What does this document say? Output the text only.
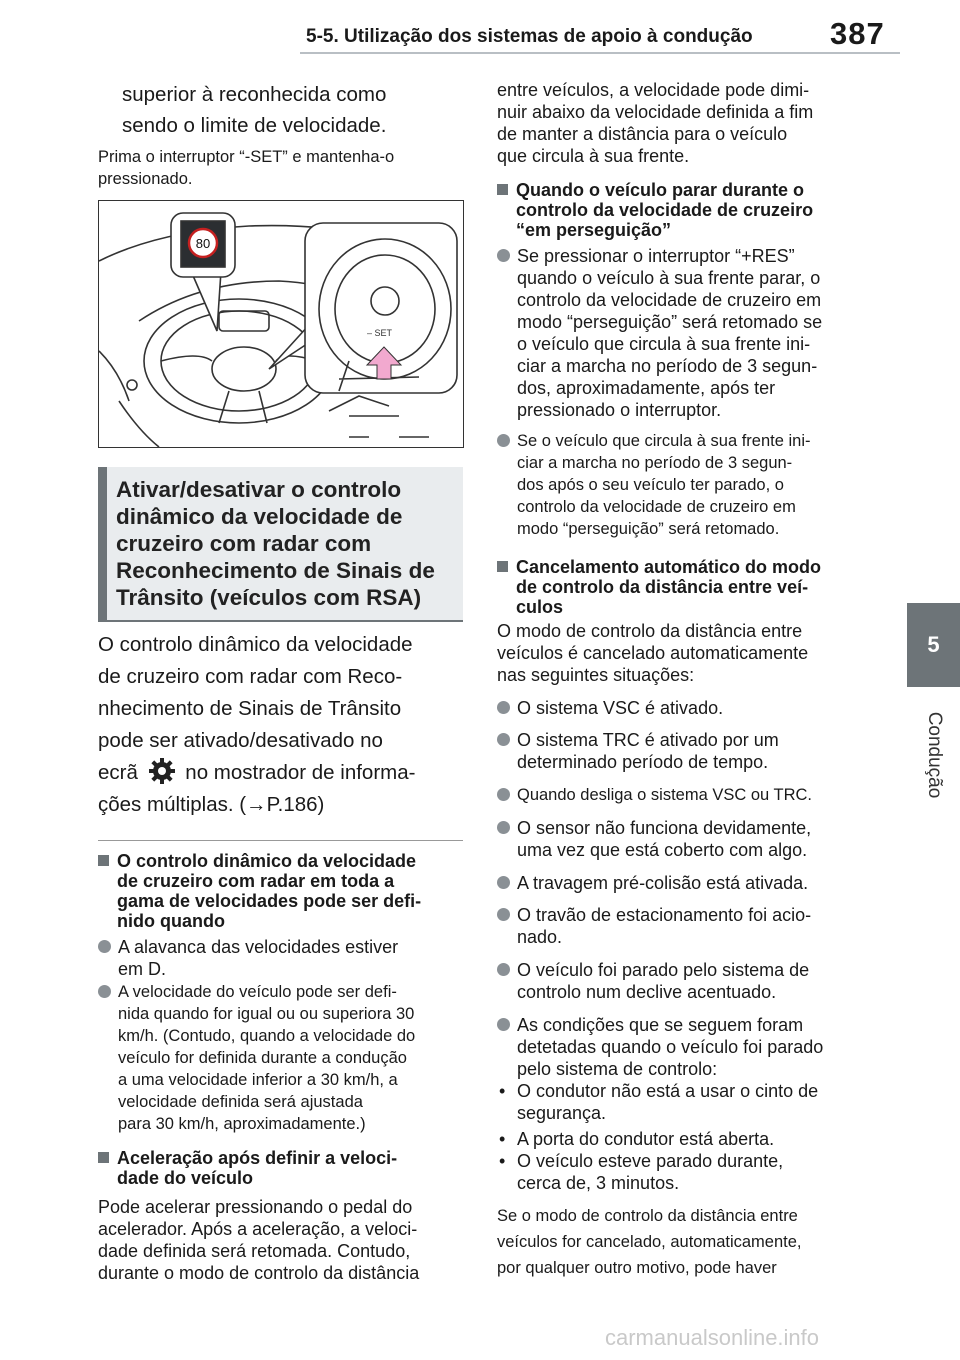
5-5. Utilização dos sistemas de apoio à condução 387
5
Condução
superior à reconhecida como
sendo o limite de velocidade.
Prima o interruptor “-SET” e mantenha-o
pressionado.
80
– SET
Ativar/desativar o controlo
dinâmico da velocidade de
cruzeiro com radar com
Reconhecimento de Sinais de
Trânsito (veículos com RSA)
O controlo dinâmico da velocidade
de cruzeiro com radar com Reco-
nhecimento de Sinais de Trânsito
pode ser ativado/desativado no
ecrã no mostrador de informa-
ções múltiplas. (→P.186)
O controlo dinâmico da velocidade
de cruzeiro com radar em toda a
gama de velocidades pode ser defi-
nido quando
A alavanca das velocidades estiver
em D.
A velocidade do veículo pode ser defi-
nida quando for igual ou ou superiora 30
km/h. (Contudo, quando a velocidade do
veículo for definida durante a condução
a uma velocidade inferior a 30 km/h, a
velocidade definida será ajustada
para 30 km/h, aproximadamente.)
Aceleração após definir a veloci-
dade do veículo
Pode acelerar pressionando o pedal do
acelerador. Após a aceleração, a veloci-
dade definida será retomada. Contudo,
durante o modo de controlo da distância
entre veículos, a velocidade pode dimi-
nuir abaixo da velocidade definida a fim
de manter a distância para o veículo
que circula à sua frente.
Quando o veículo parar durante o
controlo da velocidade de cruzeiro
“em perseguição”
Se pressionar o interruptor “+RES”
quando o veículo à sua frente parar, o
controlo da velocidade de cruzeiro em
modo “perseguição” será retomado se
o veículo que circula à sua frente ini-
ciar a marcha no período de 3 segun-
dos, aproximadamente, após ter
pressionado o interruptor.
Se o veículo que circula à sua frente ini-
ciar a marcha no período de 3 segun-
dos após o seu veículo ter parado, o
controlo da velocidade de cruzeiro em
modo “perseguição” será retomado.
Cancelamento automático do modo
de controlo da distância entre veí-
culos
O modo de controlo da distância entre
veículos é cancelado automaticamente
nas seguintes situações:
O sistema VSC é ativado.
O sistema TRC é ativado por um
determinado período de tempo.
Quando desliga o sistema VSC ou TRC.
O sensor não funciona devidamente,
uma vez que está coberto com algo.
A travagem pré-colisão está ativada.
O travão de estacionamento foi acio-
nado.
O veículo foi parado pelo sistema de
controlo num declive acentuado.
As condições que se seguem foram
detetadas quando o veículo foi parado
pelo sistema de controlo:
• O condutor não está a usar o cinto de
segurança.
• A porta do condutor está aberta.
• O veículo esteve parado durante,
cerca de, 3 minutos.
Se o modo de controlo da distância entre
veículos for cancelado, automaticamente,
por qualquer outro motivo, pode haver
carmanualsonline.info
